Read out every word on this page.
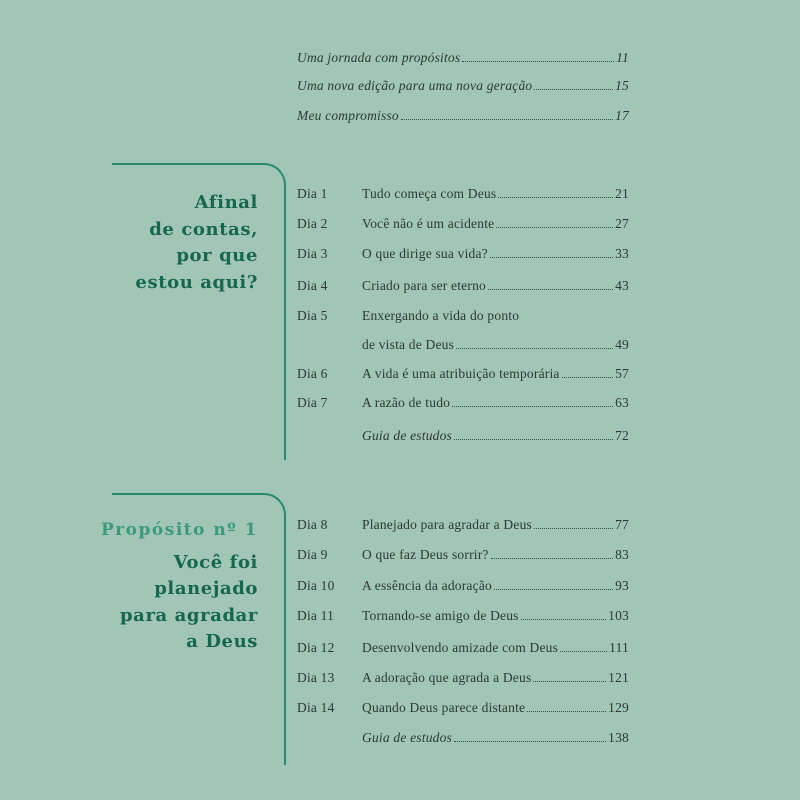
Uma jornada com propósitos	11
Uma nova edição para uma nova geração	15
Meu compromisso	17
Afinal
de contas,
por que
estou aqui?
Dia 1	Tudo começa com Deus	21
Dia 2	Você não é um acidente	27
Dia 3	O que dirige sua vida?	33
Dia 4	Criado para ser eterno	43
Dia 5	Enxergando a vida do ponto
de vista de Deus	49
Dia 6	A vida é uma atribuição temporária	57
Dia 7	A razão de tudo	63
Guia de estudos	72
Propósito nº 1
Você foi
planejado
para agradar
a Deus
Dia 8	Planejado para agradar a Deus	77
Dia 9	O que faz Deus sorrir?	83
Dia 10	A essência da adoração	93
Dia 11	Tornando-se amigo de Deus	103
Dia 12	Desenvolvendo amizade com Deus	111
Dia 13	A adoração que agrada a Deus	121
Dia 14	Quando Deus parece distante	129
Guia de estudos	138
